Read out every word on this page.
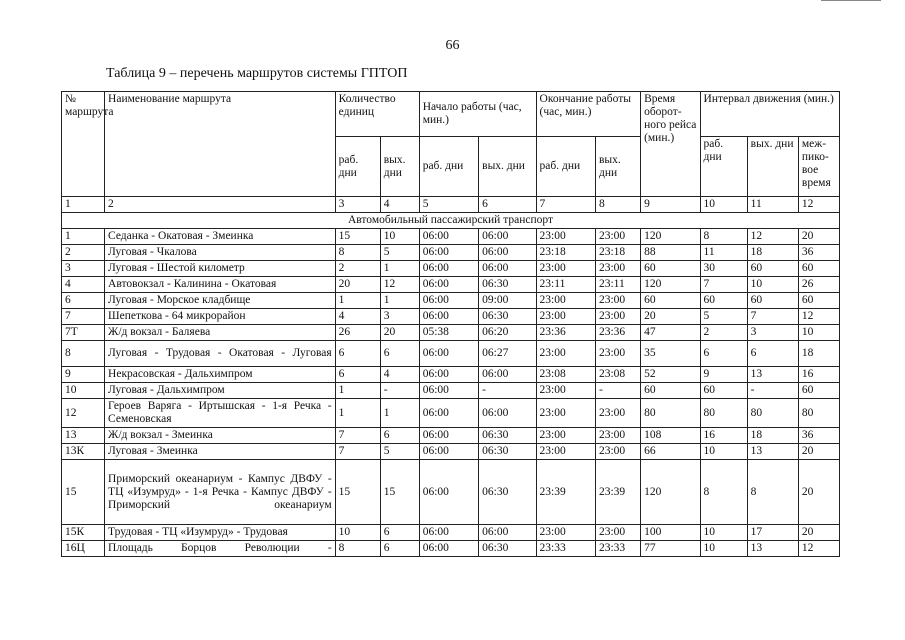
66
Таблица 9 – перечень маршрутов системы ГПТОП
№ маршрута	Наименование маршрута	Количество единиц		Начало работы (час, мин.)		Окончание работы (час, мин.)		Время оборот-ного рейса (мин.)	Интервал движения (мин.)		
		раб. дни	вых. дни	раб. дни	вых. дни	раб. дни	вых. дни		раб. дни	вых. дни	меж-пико-вое время
1	2	3	4	5	6	7	8	9	10	11	12
Автомобильный пассажирский транспорт											
1	Седанка - Окатовая - Змеинка	15	10	06:00	06:00	23:00	23:00	120	8	12	20
2	Луговая - Чкалова	8	5	06:00	06:00	23:18	23:18	88	11	18	36
3	Луговая - Шестой километр	2	1	06:00	06:00	23:00	23:00	60	30	60	60
4	Автовокзал - Калинина - Окатовая	20	12	06:00	06:30	23:11	23:11	120	7	10	26
6	Луговая - Морское кладбище	1	1	06:00	09:00	23:00	23:00	60	60	60	60
7	Шепеткова - 64 микрорайон	4	3	06:00	06:30	23:00	23:00	20	5	7	12
7Т	Ж/д вокзал - Баляева	26	20	05:38	06:20	23:36	23:36	47	2	3	10
8	Луговая - Трудовая - Окатовая - Луговая	6	6	06:00	06:27	23:00	23:00	35	6	6	18
9	Некрасовская - Дальхимпром	6	4	06:00	06:00	23:08	23:08	52	9	13	16
10	Луговая - Дальхимпром	1	-	06:00	-	23:00	-	60	60	-	60
12	Героев Варяга - Иртышская - 1-я Речка - Семеновская	1	1	06:00	06:00	23:00	23:00	80	80	80	80
13	Ж/д вокзал - Змеинка	7	6	06:00	06:30	23:00	23:00	108	16	18	36
13К	Луговая - Змеинка	7	5	06:00	06:30	23:00	23:00	66	10	13	20
15	Приморский океанариум - Кампус ДВФУ - ТЦ «Изумруд» - 1-я Речка - Кампус ДВФУ - Приморский океанариум	15	15	06:00	06:30	23:39	23:39	120	8	8	20
15К	Трудовая - ТЦ «Изумруд» - Трудовая	10	6	06:00	06:00	23:00	23:00	100	10	17	20
16Ц	Площадь Борцов Революции -	8	6	06:00	06:30	23:33	23:33	77	10	13	12
